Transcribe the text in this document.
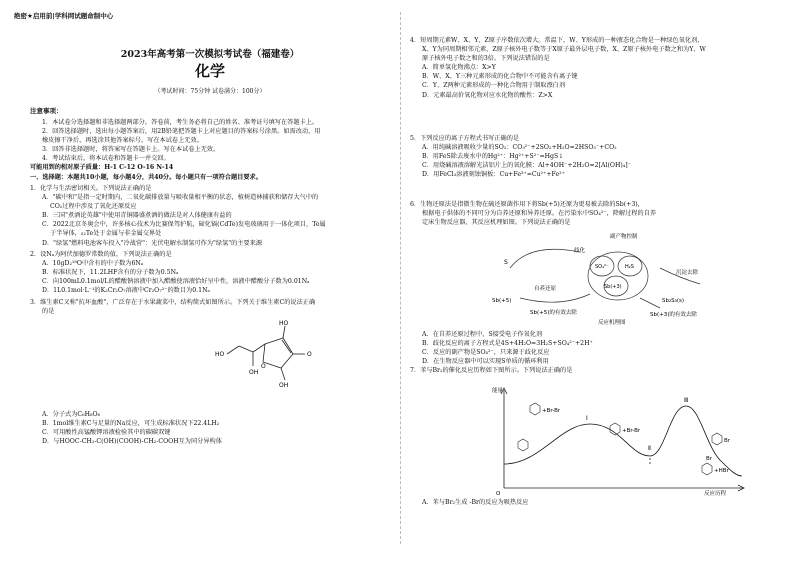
绝密★启用前|学科网试题命制中心
2023年高考第一次模拟考试卷（福建卷）
化学
（考试时间：75分钟 试卷满分：100分）
注意事项：
1．本试卷分选择题和非选择题两部分。答卷前，考生务必将自己的姓名、准考证号填写在答题卡上。
2．回答选择题时，选出每小题答案后，用2B铅笔把答题卡上对应题目的答案标号涂黑。如需改动，用
橡皮擦干净后，再选涂其他答案标号。写在本试卷上无效。
3．回答非选择题时，将答案写在答题卡上。写在本试卷上无效。
4．考试结束后，将本试卷和答题卡一并交回。
可能用到的相对原子质量：H-1 C-12 O-16 N-14
一、选择题：本题共10小题，每小题4分，共40分。每小题只有一项符合题目要求。
1．化学与生活密切相关。下列说法正确的是
A．"碳中和"是指一定时期内，二氧化碳排放量与吸收量相平衡的状态，植树造林捕获和储存大气中的
CO₂过程中涉及了氧化还原反应
B．三国"煮酒论英雄"中使用青铜器盛煮酒的做法是对人体健康有益的
C．2022北京冬奥会中，许多核心技术为比赛保驾护航，碲化镉(CdTe)发电玻璃用于一体化项目，Te属
于半导体，₅₂Te处于金属与非金属交界处
D．"绿氢"燃料电池客车投入"冷战营"：光伏电解水制氢可作为"绿氢"的主要来源
2．设Nₐ为阿伏加德罗常数的值，下列说法正确的是
A．10gD₂¹⁸O中含有的中子数为6Nₐ
B．标准状况下，11.2LHF含有的分子数为0.5Nₐ
C．向100mL0.1mol/L的醋酸钠溶液中加入醋酸使溶液恰好呈中性，溶液中醋酸分子数为0.01Nₐ
D．1L0.1mol·L⁻¹的K₂Cr₂O₇溶液中Cr₂O₇²⁻的数目为0.1Nₐ
3．维生素C又称"抗坏血酸"，广泛存在于水果蔬菜中，结构简式如图所示。下列关于维生素C的说法正确
的是
HO
OH
HO
OH
O
O
A．分子式为C₆H₈O₆
B．1mol维生素C与足量的Na反应，可生成标准状况下22.4LH₂
C．可用酸性高锰酸钾溶液检验其中的碳碳双键
D．与HOOC-CH₂-C(OH)(COOH)-CH₂-COOH互为同分异构体
4．短周期元素W、X、Y、Z原子序数依次增大。常温下，W、Y形成的一种液态化合物是一种绿色氧化剂，
X、Y为同周期相邻元素，Z原子核外电子数等于X原子最外层电子数，X、Z原子核外电子数之和为Y、W
原子核外电子数之和的3倍。下列说法错误的是
A．简单氢化物沸点：X>Y
B．W、X、Y三种元素形成的化合物中不可能含有离子键
C．Y、Z两种元素形成的一种化合物用于制取漂白剂
D．元素最高价氧化物对应水化物的酸性：Z>X
5．下列反应的离子方程式书写正确的是
A．用纯碱溶液吸收少量的SO₂：CO₃²⁻+2SO₂+H₂O=2HSO₃⁻+CO₂
B．用FeS除去废水中的Hg²⁺：Hg²⁺+S²⁻=HgS↓
C．用烧碱溶液溶解光洁铝片上的氧化膜：Al+4OH⁻+2H₂O=2[Al(OH)₄]⁻
D．用FeCl₃溶液刻蚀铜板：Cu+Fe³⁺=Cu²⁺+Fe²⁺
6．生物还原法是指微生物在硫还原菌作用下将Sb(+5)还原为更易被去除的Sb(+3)，
根据电子供体的不同可分为自养还原和异养还原。在污染水中SO₄²⁻，降解过程的自养
定床生物反应器，其反应机理如图。下列说法正确的是
副产物控制
沉淀去除
歧化
SO₄²⁻	H₂S
S
自养还原
Sb(+5)
Sb(+3)
Sb₂S₃(s)
Sb(+5)的有效去除	Sb(+3)的有效去除
反应机理图
A．在自养还原过程中，S接受电子作氧化剂
B．歧化反应的离子方程式是4S+4H₂O=3H₂S+SO₄²⁻+2H⁺
C．反应的副产物是SO₄²⁻，只来源于歧化反应
D．在生物反应器中可以实现S单质的循环利用
7．苯与Br₂的催化反应历程如下图所示。下列说法正确的是
能量
反应历程
O
Ⅰ
Ⅱ
Ⅲ
+Br-Br
+Br-Br
Br
+HBr
Br
A．苯与Br₂生成 -Br的反应为吸热反应
